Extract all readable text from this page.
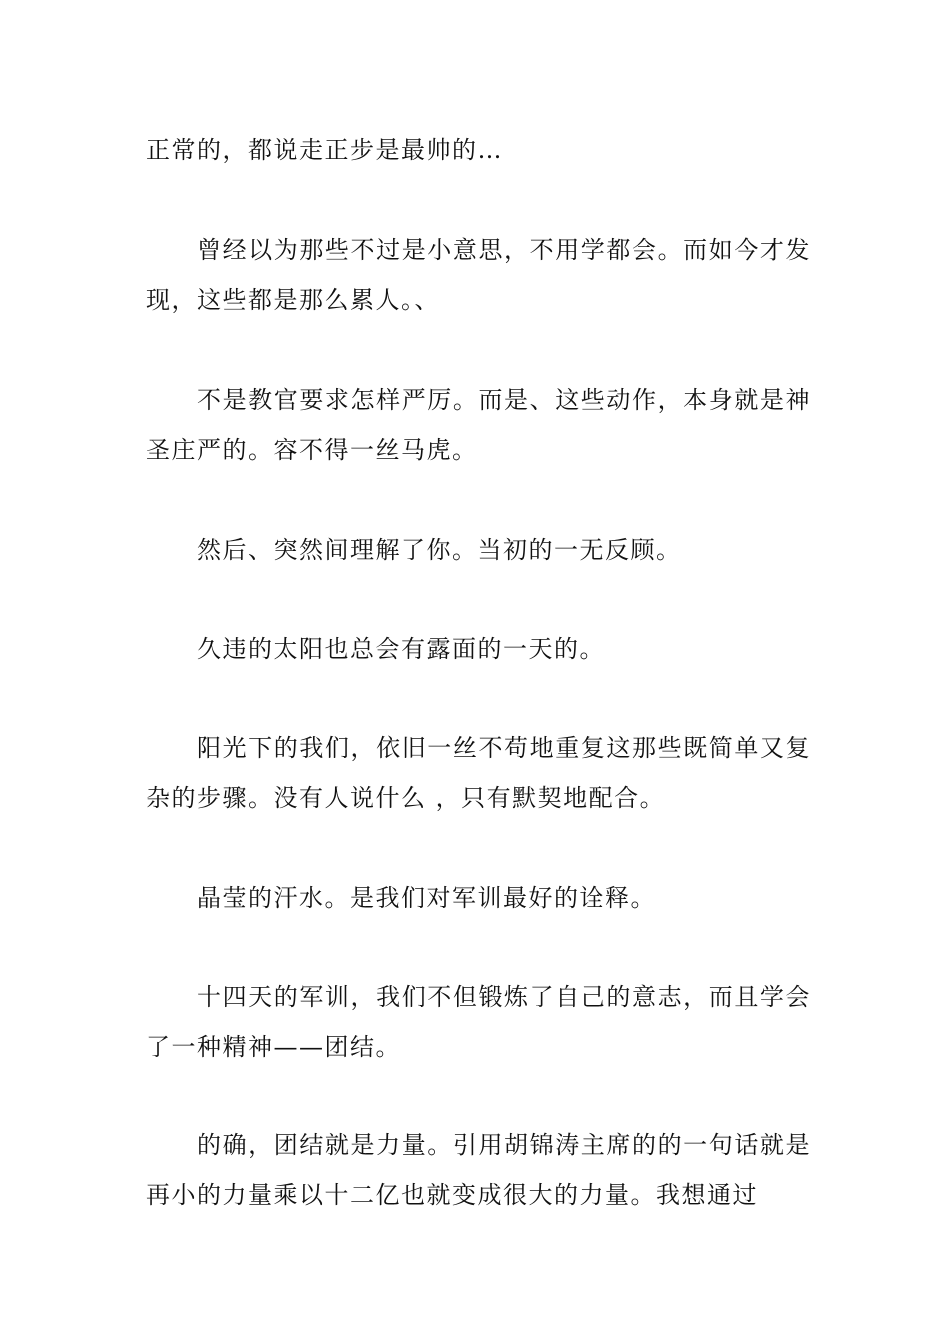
正常的，都说走正步是最帅的…

曾经以为那些不过是小意思，不用学都会。而如今才发现，这些都是那么累人。、

不是教官要求怎样严厉。而是、这些动作，本身就是神圣庄严的。容不得一丝马虎。

然后、突然间理解了你。当初的一无反顾。

久违的太阳也总会有露面的一天的。

阳光下的我们，依旧一丝不苟地重复这那些既简单又复杂的步骤。没有人说什么 ，只有默契地配合。

晶莹的汗水。是我们对军训最好的诠释。

十四天的军训，我们不但锻炼了自己的意志，而且学会了一种精神——团结。

的确，团结就是力量。引用胡锦涛主席的的一句话就是再小的力量乘以十二亿也就变成很大的力量。我想通过
